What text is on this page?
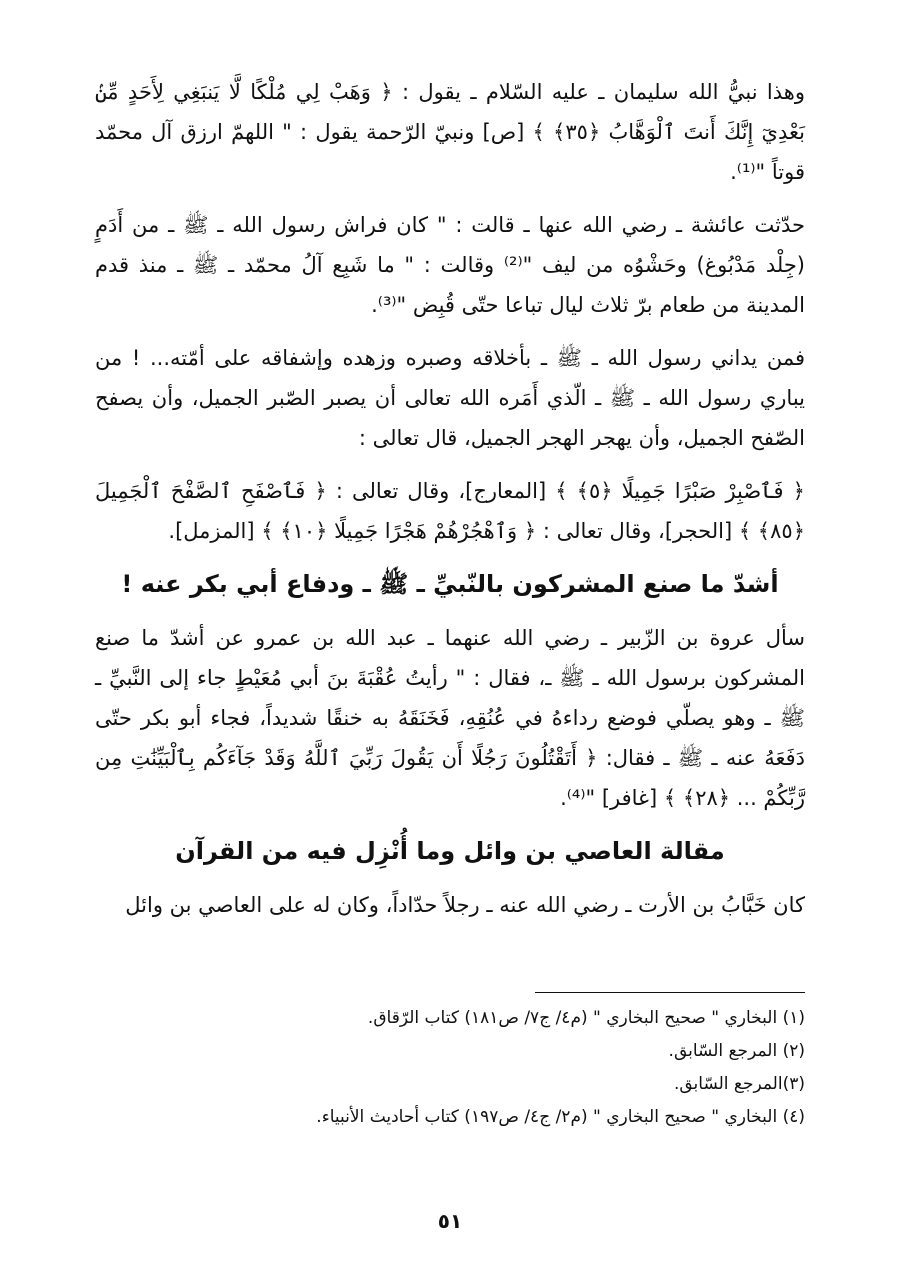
وهذا نبيُّ الله سليمان ـ عليه السّلام ـ يقول : ﴿ وَهَبْ لِي مُلْكًا لَّا يَنبَغِي لِأَحَدٍ مِّنۢ بَعْدِيٓ إِنَّكَ أَنتَ ٱلْوَهَّابُ ﴿٣٥﴾ ﴾ [ص] ونبيّ الرّحمة يقول : " اللهمّ ارزق آل محمّد قوتاً "⁽¹⁾.

حدّثت عائشة ـ رضي الله عنها ـ قالت : " كان فراش رسول الله ـ ﷺ ـ من أَدَمٍ (جِلْد مَدْبُوغ) وحَشْوُه من ليف "⁽²⁾ وقالت : " ما شَبِع آلُ محمّد ـ ﷺ ـ منذ قدم المدينة من طعام برّ ثلاث ليال تباعا حتّى قُبِض "⁽³⁾.

فمن يداني رسول الله ـ ﷺ ـ بأخلاقه وصبره وزهده وإشفاقه على أمّته... ! من يباري رسول الله ـ ﷺ ـ الّذي أَمَره الله تعالى أن يصبر الصّبر الجميل، وأن يصفح الصّفح الجميل، وأن يهجر الهجر الجميل، قال تعالى :

﴿ فَٱصْبِرْ صَبْرًا جَمِيلًا ﴿٥﴾ ﴾ [المعارج]، وقال تعالى : ﴿ فَٱصْفَحِ ٱلصَّفْحَ ٱلْجَمِيلَ ﴿٨٥﴾ ﴾ [الحجر]، وقال تعالى : ﴿ وَٱهْجُرْهُمْ هَجْرًا جَمِيلًا ﴿١٠﴾ ﴾ [المزمل].

أشدّ ما صنع المشركون بالنّبيِّ ـ ﷺ ـ ودفاع أبي بكر عنه !

سأل عروة بن الزّبير ـ رضي الله عنهما ـ عبد الله بن عمرو عن أشدّ ما صنع المشركون برسول الله ـ ﷺ ـ، فقال : " رأيتُ عُقْبَةَ بنَ أبي مُعَيْطٍ جاء إلى النَّبيِّ ـ ﷺ ـ وهو يصلّي فوضع رداءهُ في عُنُقِهِ، فَخَنَقَهُ به خنقًا شديداً، فجاء أبو بكر حتّى دَفَعَهُ عنه ـ ﷺ ـ فقال: ﴿ أَتَقْتُلُونَ رَجُلًا أَن يَقُولَ رَبِّيَ ٱللَّهُ وَقَدْ جَآءَكُم بِٱلْبَيِّنَٰتِ مِن رَّبِّكُمْ ... ﴿٢٨﴾ ﴾ [غافر] "⁽⁴⁾.

مقالة العاصي بن وائل وما أُنْزِل فيه من القرآن

كان خَبَّابُ بن الأرت ـ رضي الله عنه ـ رجلاً حدّاداً، وكان له على العاصي بن وائل

(١) البخاري " صحيح البخاري " (م٤/ ج٧/ ص١٨١) كتاب الرّقاق.

(٢) المرجع السّابق.

(٣)المرجع السّابق.

(٤) البخاري " صحيح البخاري " (م٢/ ج٤/ ص١٩٧) كتاب أحاديث الأنبياء.

٥١
